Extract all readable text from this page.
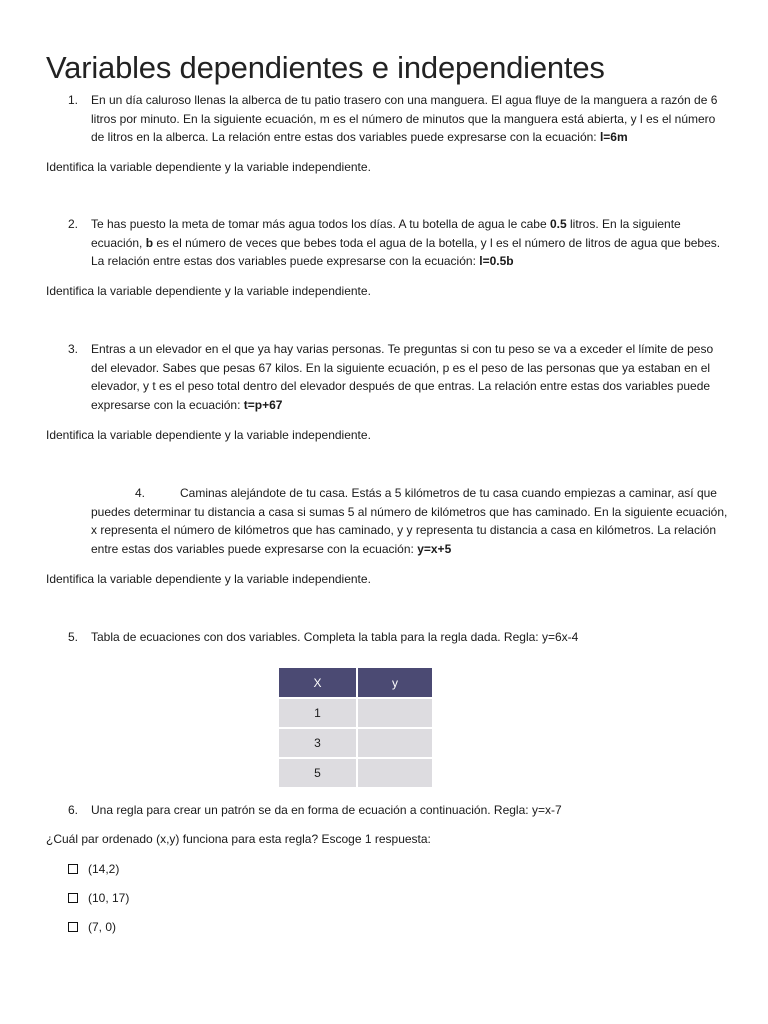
Variables dependientes e independientes
1. En un día caluroso llenas la alberca de tu patio trasero con una manguera. El agua fluye de la manguera a razón de 6 litros por minuto. En la siguiente ecuación, m es el número de minutos que la manguera está abierta, y l es el número de litros en la alberca. La relación entre estas dos variables puede expresarse con la ecuación: l=6m
Identifica la variable dependiente y la variable independiente.
2. Te has puesto la meta de tomar más agua todos los días. A tu botella de agua le cabe 0.5 litros. En la siguiente ecuación, b es el número de veces que bebes toda el agua de la botella, y l es el número de litros de agua que bebes. La relación entre estas dos variables puede expresarse con la ecuación: l=0.5b
Identifica la variable dependiente y la variable independiente.
3. Entras a un elevador en el que ya hay varias personas. Te preguntas si con tu peso se va a exceder el límite de peso del elevador. Sabes que pesas 67 kilos. En la siguiente ecuación, p es el peso de las personas que ya estaban en el elevador, y t es el peso total dentro del elevador después de que entras. La relación entre estas dos variables puede expresarse con la ecuación: t=p+67
Identifica la variable dependiente y la variable independiente.
4.	Caminas alejándote de tu casa. Estás a 5 kilómetros de tu casa cuando empiezas a caminar, así que puedes determinar tu distancia a casa si sumas 5 al número de kilómetros que has caminado. En la siguiente ecuación, x representa el número de kilómetros que has caminado, y y representa tu distancia a casa en kilómetros. La relación entre estas dos variables puede expresarse con la ecuación: y=x+5
Identifica la variable dependiente y la variable independiente.
5. Tabla de ecuaciones con dos variables. Completa la tabla para la regla dada. Regla: y=6x-4
X	y
1	
3	
5	
6. Una regla para crear un patrón se da en forma de ecuación a continuación. Regla: y=x-7
¿Cuál par ordenado (x,y) funciona para esta regla? Escoge 1 respuesta:
(14,2)
(10, 17)
(7, 0)
